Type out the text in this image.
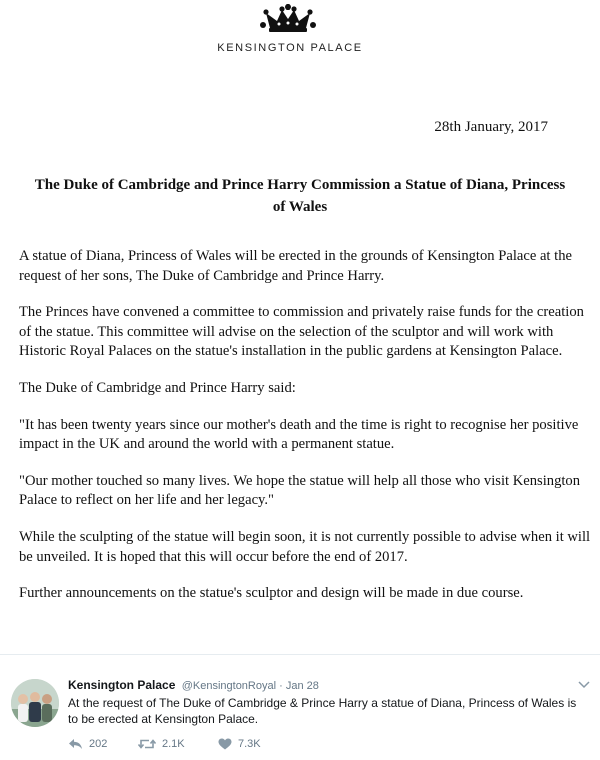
KENSINGTON PALACE
28th January, 2017
The Duke of Cambridge and Prince Harry Commission a Statue of Diana, Princess of Wales

A statue of Diana, Princess of Wales will be erected in the grounds of Kensington Palace at the request of her sons, The Duke of Cambridge and Prince Harry.

The Princes have convened a committee to commission and privately raise funds for the creation of the statue. This committee will advise on the selection of the sculptor and will work with Historic Royal Palaces on the statue's installation in the public gardens at Kensington Palace.

The Duke of Cambridge and Prince Harry said:

"It has been twenty years since our mother's death and the time is right to recognise her positive impact in the UK and around the world with a permanent statue.

"Our mother touched so many lives. We hope the statue will help all those who visit Kensington Palace to reflect on her life and her legacy."

While the sculpting of the statue will begin soon, it is not currently possible to advise when it will be unveiled. It is hoped that this will occur before the end of 2017.

Further announcements on the statue's sculptor and design will be made in due course.

Kensington Palace @KensingtonRoyal · Jan 28
At the request of The Duke of Cambridge & Prince Harry a statue of Diana, Princess of Wales is to be erected at Kensington Palace.
202	2.1K	7.3K
